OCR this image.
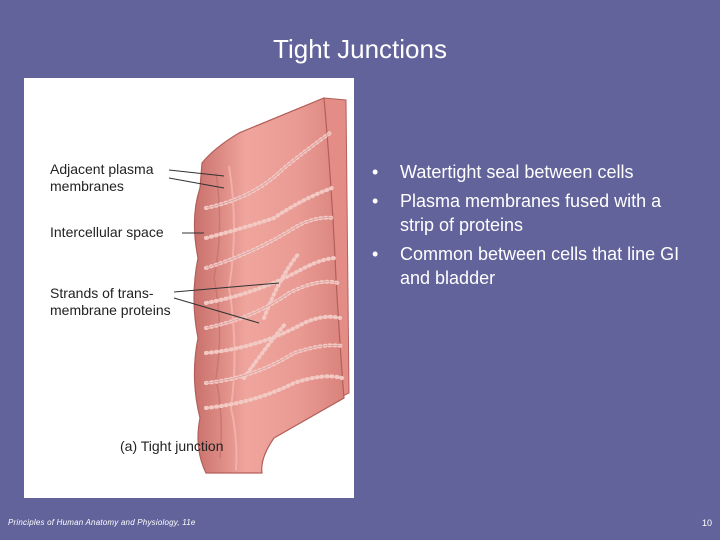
Tight Junctions
Adjacent plasma membranes
Intercellular space
Strands of trans-membrane proteins
(a) Tight junction
• Watertight seal between cells
• Plasma membranes fused with a strip of proteins
• Common between cells that line GI and bladder
Principles of Human Anatomy and Physiology, 11e	10
